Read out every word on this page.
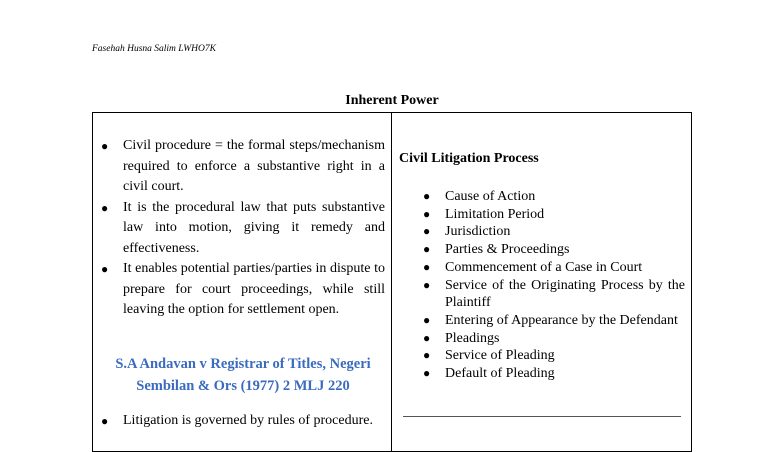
Fasehah Husna Salim LWHO7K
Inherent Power
● Civil procedure = the formal steps/mechanism required to enforce a substantive right in a civil court.
● It is the procedural law that puts substantive law into motion, giving it remedy and effectiveness.
● It enables potential parties/parties in dispute to prepare for court proceedings, while still leaving the option for settlement open.
S.A Andavan v Registrar of Titles, Negeri
Sembilan & Ors (1977) 2 MLJ 220
● Litigation is governed by rules of procedure.
Civil Litigation Process
● Cause of Action
● Limitation Period
● Jurisdiction
● Parties & Proceedings
● Commencement of a Case in Court
● Service of the Originating Process by the Plaintiff
● Entering of Appearance by the Defendant
● Pleadings
● Service of Pleading
● Default of Pleading
